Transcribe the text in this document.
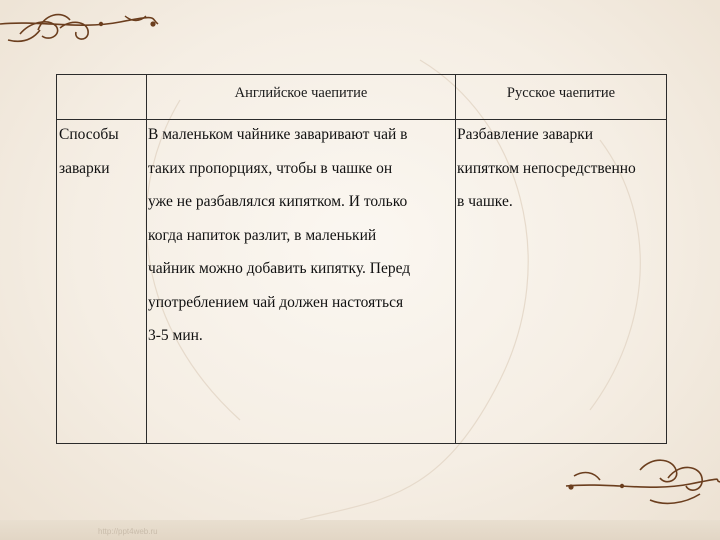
http://ppt4web.ru
Английское чаепитие	Русское чаепитие
Способы
заварки
В маленьком чайнике заваривают чай в
таких пропорциях, чтобы в чашке он
уже не разбавлялся кипятком. И только
когда напиток разлит, в маленький
чайник можно добавить кипятку. Перед
употреблением чай должен настояться
3-5 мин.
Разбавление заварки
кипятком непосредственно
в чашке.
